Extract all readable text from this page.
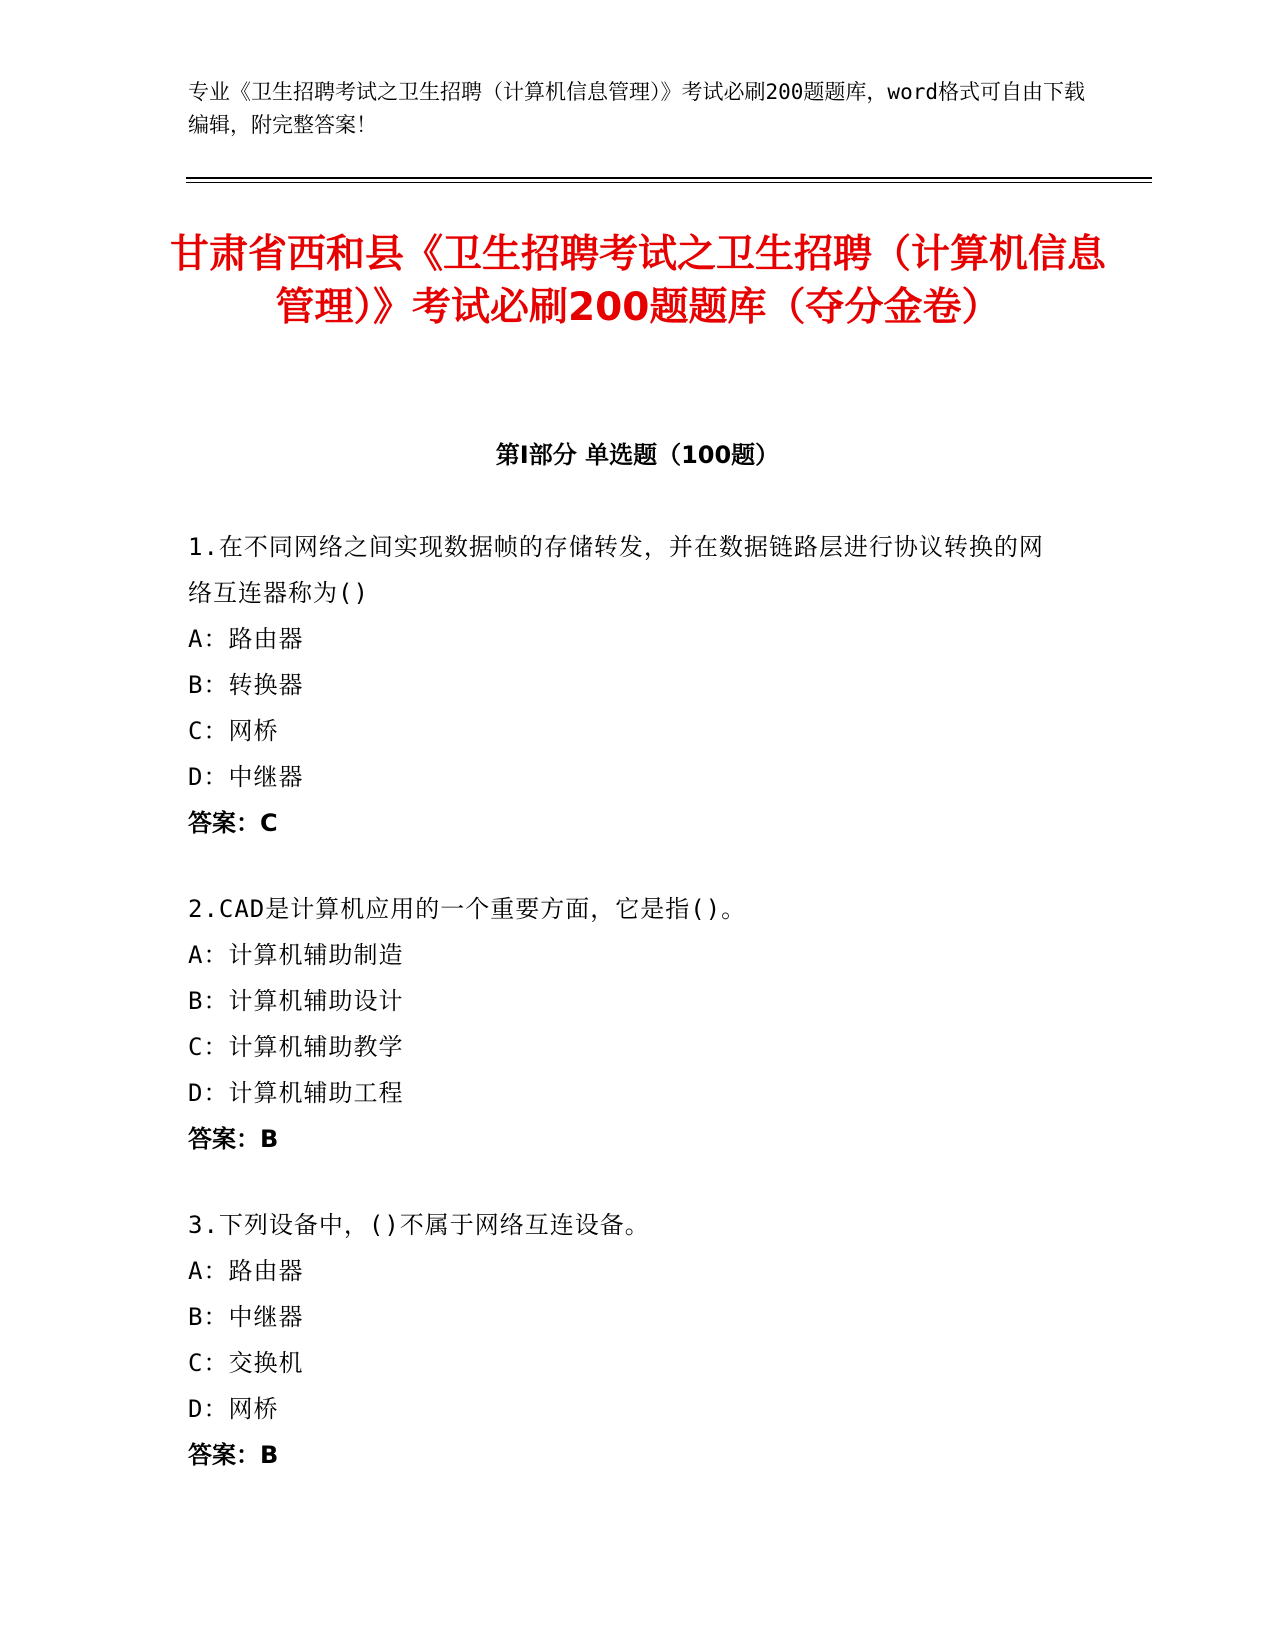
专业《卫生招聘考试之卫生招聘（计算机信息管理）》考试必刷200题题库，word格式可自由下载编辑，附完整答案！
甘肃省西和县《卫生招聘考试之卫生招聘（计算机信息管理）》考试必刷200题题库（夺分金卷）
第Ⅰ部分 单选题（100题）
1.在不同网络之间实现数据帧的存储转发，并在数据链路层进行协议转换的网络互连器称为()
A：路由器
B：转换器
C：网桥
D：中继器
答案：C
2.CAD是计算机应用的一个重要方面，它是指()。
A：计算机辅助制造
B：计算机辅助设计
C：计算机辅助教学
D：计算机辅助工程
答案：B
3.下列设备中，()不属于网络互连设备。
A：路由器
B：中继器
C：交换机
D：网桥
答案：B
